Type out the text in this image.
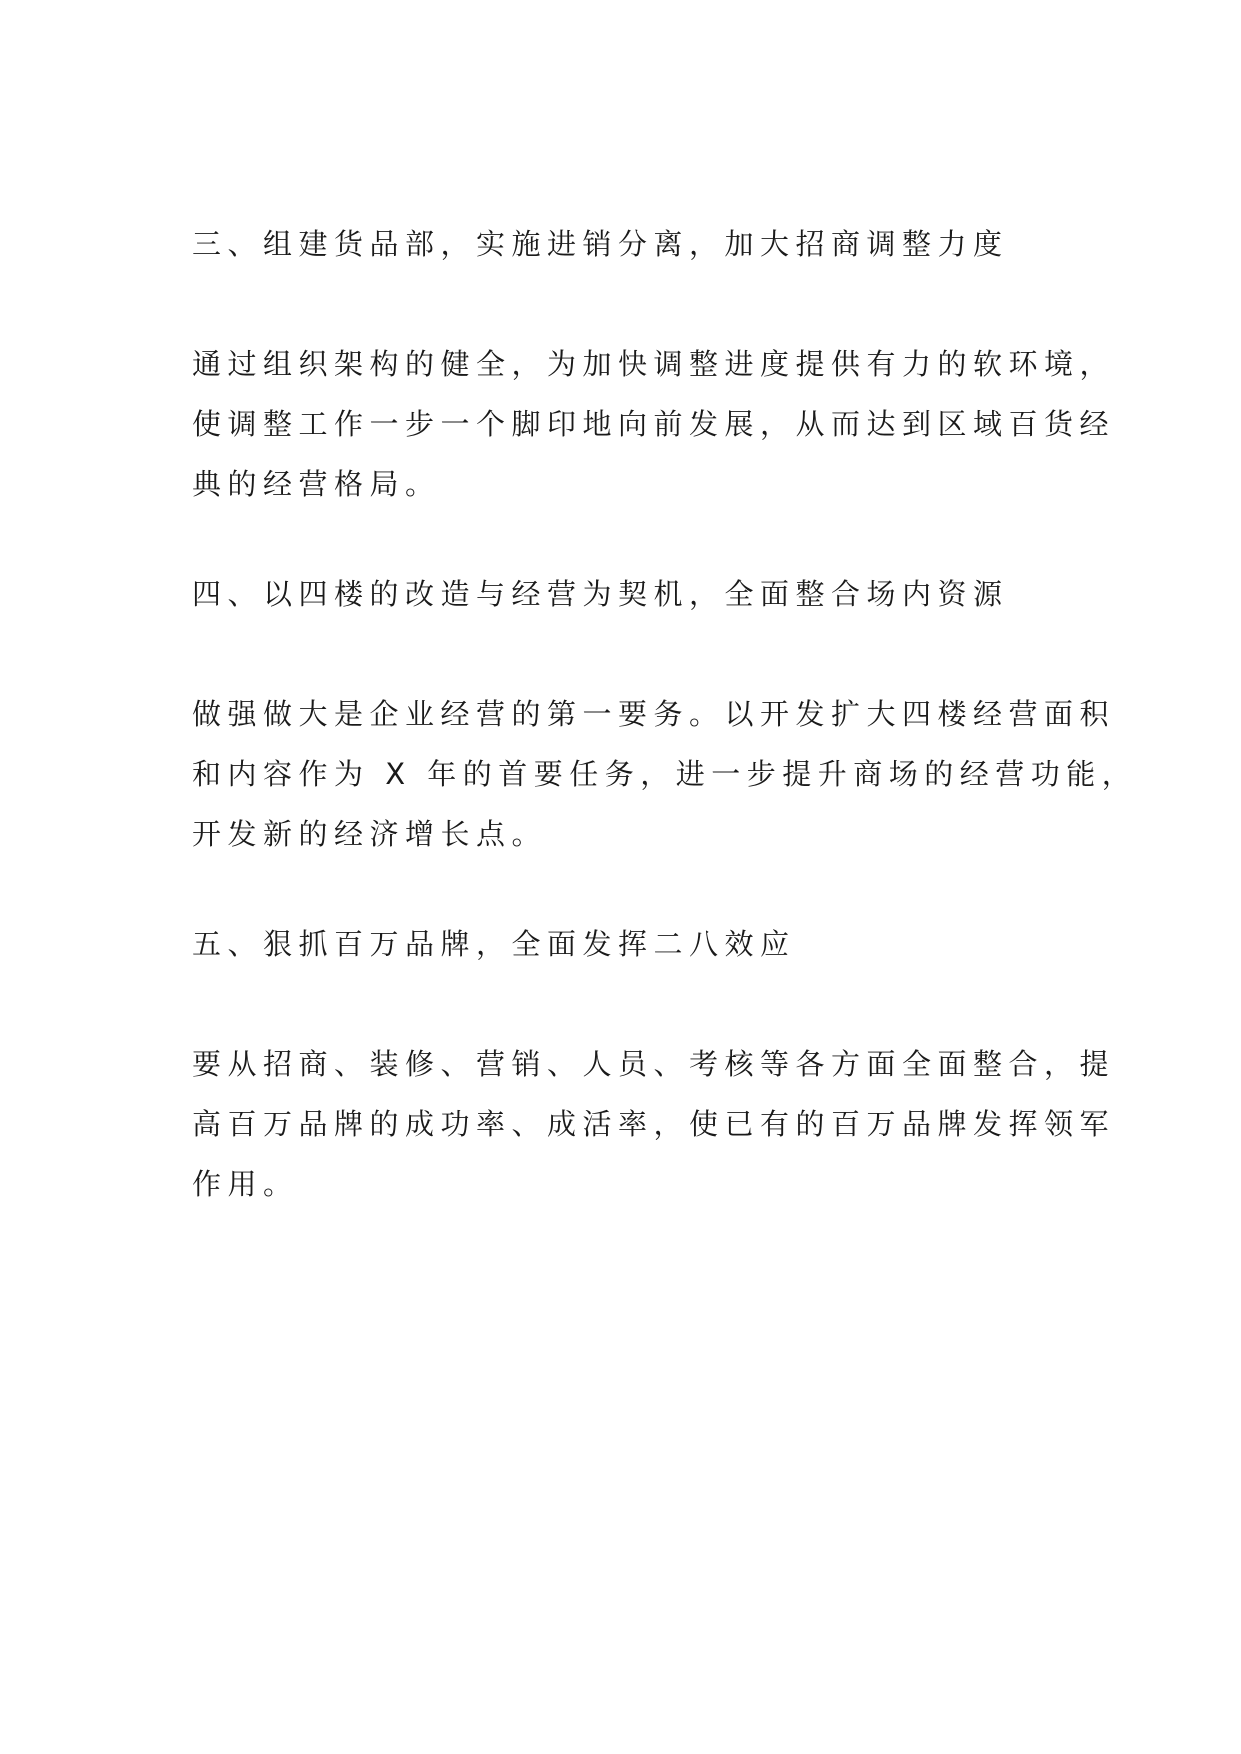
三、组建货品部，实施进销分离，加大招商调整力度
通过组织架构的健全，为加快调整进度提供有力的软环境，
使调整工作一步一个脚印地向前发展，从而达到区域百货经
典的经营格局。
四、以四楼的改造与经营为契机，全面整合场内资源
做强做大是企业经营的第一要务。以开发扩大四楼经营面积
和内容作为 X 年的首要任务，进一步提升商场的经营功能，
开发新的经济增长点。
五、狠抓百万品牌，全面发挥二八效应
要从招商、装修、营销、人员、考核等各方面全面整合，提
高百万品牌的成功率、成活率，使已有的百万品牌发挥领军
作用。
